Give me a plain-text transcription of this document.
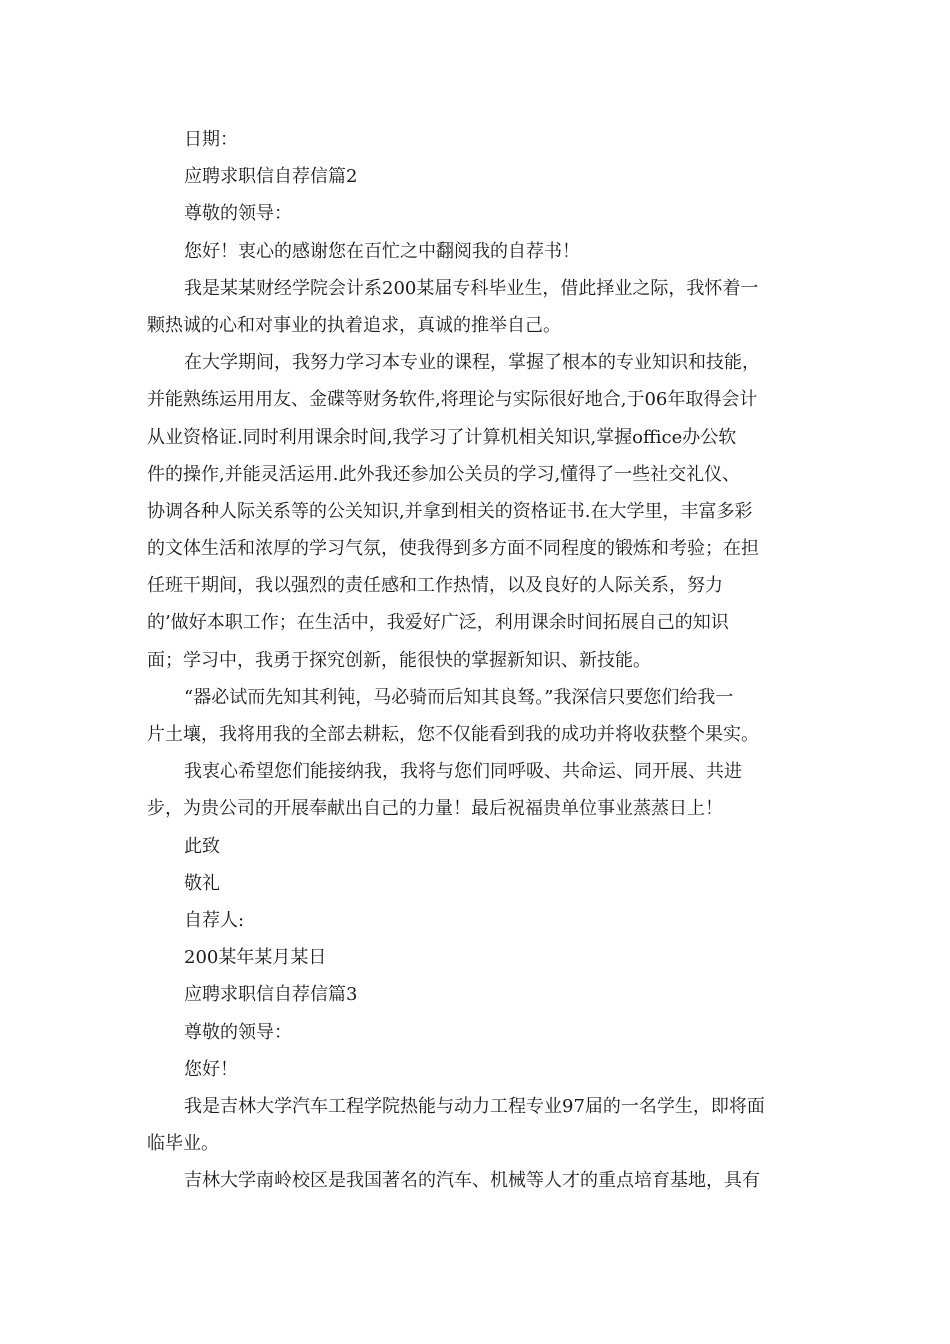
日期：
应聘求职信自荐信篇2
尊敬的领导：
您好！衷心的感谢您在百忙之中翻阅我的自荐书！
我是某某财经学院会计系200某届专科毕业生，借此择业之际，我怀着一
颗热诚的心和对事业的执着追求，真诚的推举自己。
在大学期间，我努力学习本专业的课程，掌握了根本的专业知识和技能，
并能熟练运用用友、金碟等财务软件,将理论与实际很好地合,于06年取得会计
从业资格证.同时利用课余时间,我学习了计算机相关知识,掌握office办公软
件的操作,并能灵活运用.此外我还参加公关员的学习,懂得了一些社交礼仪、
协调各种人际关系等的公关知识,并拿到相关的资格证书.在大学里，丰富多彩
的文体生活和浓厚的学习气氛，使我得到多方面不同程度的锻炼和考验；在担
任班干期间，我以强烈的责任感和工作热情，以及良好的人际关系，努力
的’做好本职工作；在生活中，我爱好广泛，利用课余时间拓展自己的知识
面；学习中，我勇于探究创新，能很快的掌握新知识、新技能。
“器必试而先知其利钝，马必骑而后知其良驽。”我深信只要您们给我一
片土壤，我将用我的全部去耕耘，您不仅能看到我的成功并将收获整个果实。
我衷心希望您们能接纳我，我将与您们同呼吸、共命运、同开展、共进
步，为贵公司的开展奉献出自己的力量！最后祝福贵单位事业蒸蒸日上！
此致
敬礼
自荐人:
200某年某月某日
应聘求职信自荐信篇3
尊敬的领导：
您好！
我是吉林大学汽车工程学院热能与动力工程专业97届的一名学生，即将面
临毕业。
吉林大学南岭校区是我国著名的汽车、机械等人才的重点培育基地，具有
